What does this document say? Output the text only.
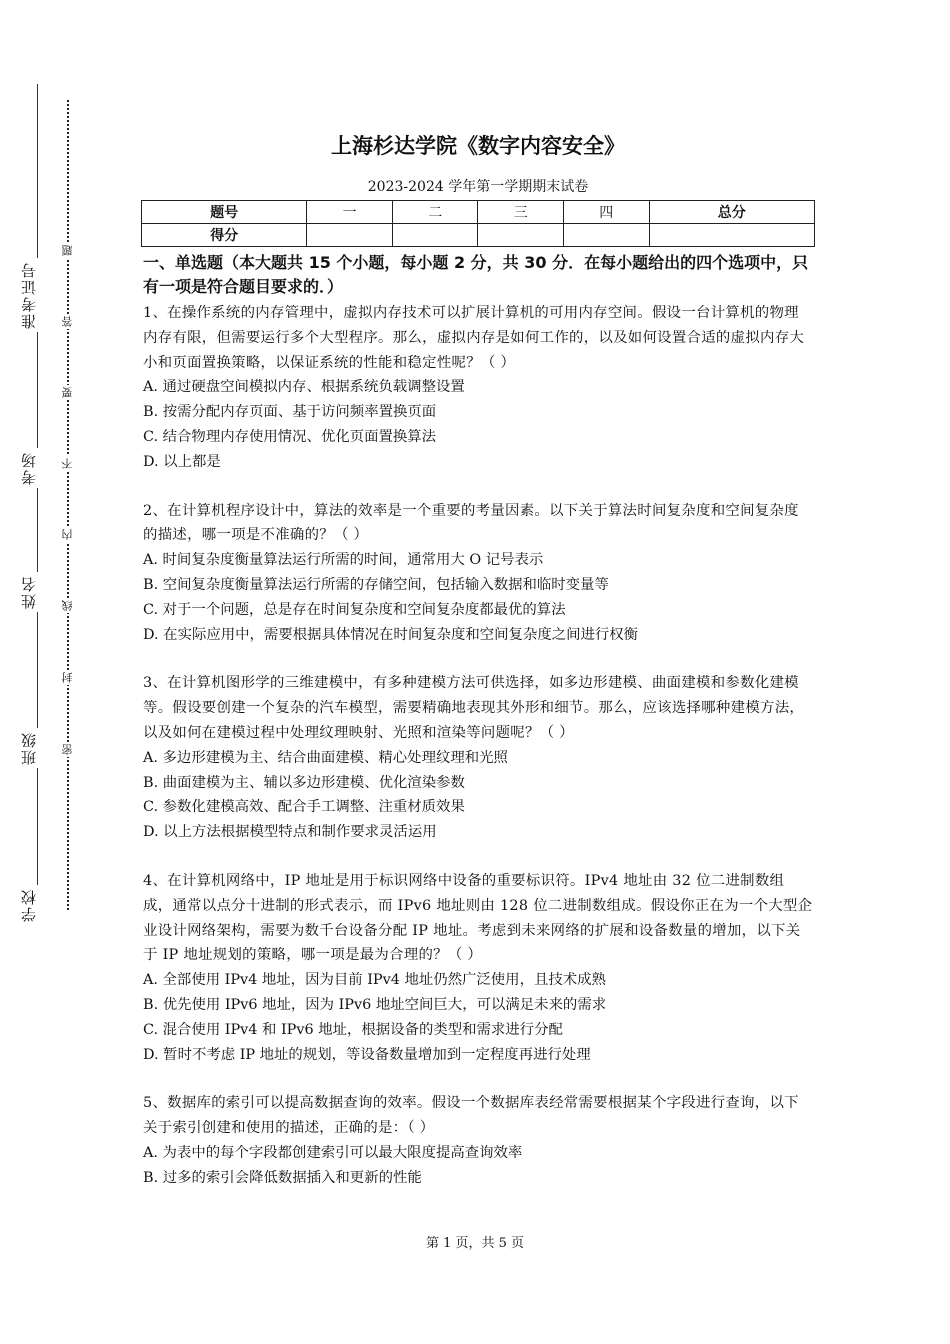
学校
班级
姓名
考场
准考证号
密
封
线
内
不
要
答
题
上海杉达学院《数字内容安全》
2023-2024 学年第一学期期末试卷
题号	一	二	三	四	总分
得分					
一、单选题（本大题共 15 个小题，每小题 2 分，共 30 分．在每小题给出的四个选项中，只有一项是符合题目要求的．）
1、在操作系统的内存管理中，虚拟内存技术可以扩展计算机的可用内存空间。假设一台计算机的物理内存有限，但需要运行多个大型程序。那么，虚拟内存是如何工作的，以及如何设置合适的虚拟内存大小和页面置换策略，以保证系统的性能和稳定性呢？（ ）
A. 通过硬盘空间模拟内存、根据系统负载调整设置
B. 按需分配内存页面、基于访问频率置换页面
C. 结合物理内存使用情况、优化页面置换算法
D. 以上都是
2、在计算机程序设计中，算法的效率是一个重要的考量因素。以下关于算法时间复杂度和空间复杂度的描述，哪一项是不准确的？（ ）
A. 时间复杂度衡量算法运行所需的时间，通常用大 O 记号表示
B. 空间复杂度衡量算法运行所需的存储空间，包括输入数据和临时变量等
C. 对于一个问题，总是存在时间复杂度和空间复杂度都最优的算法
D. 在实际应用中，需要根据具体情况在时间复杂度和空间复杂度之间进行权衡
3、在计算机图形学的三维建模中，有多种建模方法可供选择，如多边形建模、曲面建模和参数化建模等。假设要创建一个复杂的汽车模型，需要精确地表现其外形和细节。那么，应该选择哪种建模方法，以及如何在建模过程中处理纹理映射、光照和渲染等问题呢？（ ）
A. 多边形建模为主、结合曲面建模、精心处理纹理和光照
B. 曲面建模为主、辅以多边形建模、优化渲染参数
C. 参数化建模高效、配合手工调整、注重材质效果
D. 以上方法根据模型特点和制作要求灵活运用
4、在计算机网络中，IP 地址是用于标识网络中设备的重要标识符。IPv4 地址由 32 位二进制数组成，通常以点分十进制的形式表示，而 IPv6 地址则由 128 位二进制数组成。假设你正在为一个大型企业设计网络架构，需要为数千台设备分配 IP 地址。考虑到未来网络的扩展和设备数量的增加，以下关于 IP 地址规划的策略，哪一项是最为合理的？（ ）
A. 全部使用 IPv4 地址，因为目前 IPv4 地址仍然广泛使用，且技术成熟
B. 优先使用 IPv6 地址，因为 IPv6 地址空间巨大，可以满足未来的需求
C. 混合使用 IPv4 和 IPv6 地址，根据设备的类型和需求进行分配
D. 暂时不考虑 IP 地址的规划，等设备数量增加到一定程度再进行处理
5、数据库的索引可以提高数据查询的效率。假设一个数据库表经常需要根据某个字段进行查询，以下关于索引创建和使用的描述，正确的是：（ ）
A. 为表中的每个字段都创建索引可以最大限度提高查询效率
B. 过多的索引会降低数据插入和更新的性能
第 1 页，共 5 页
